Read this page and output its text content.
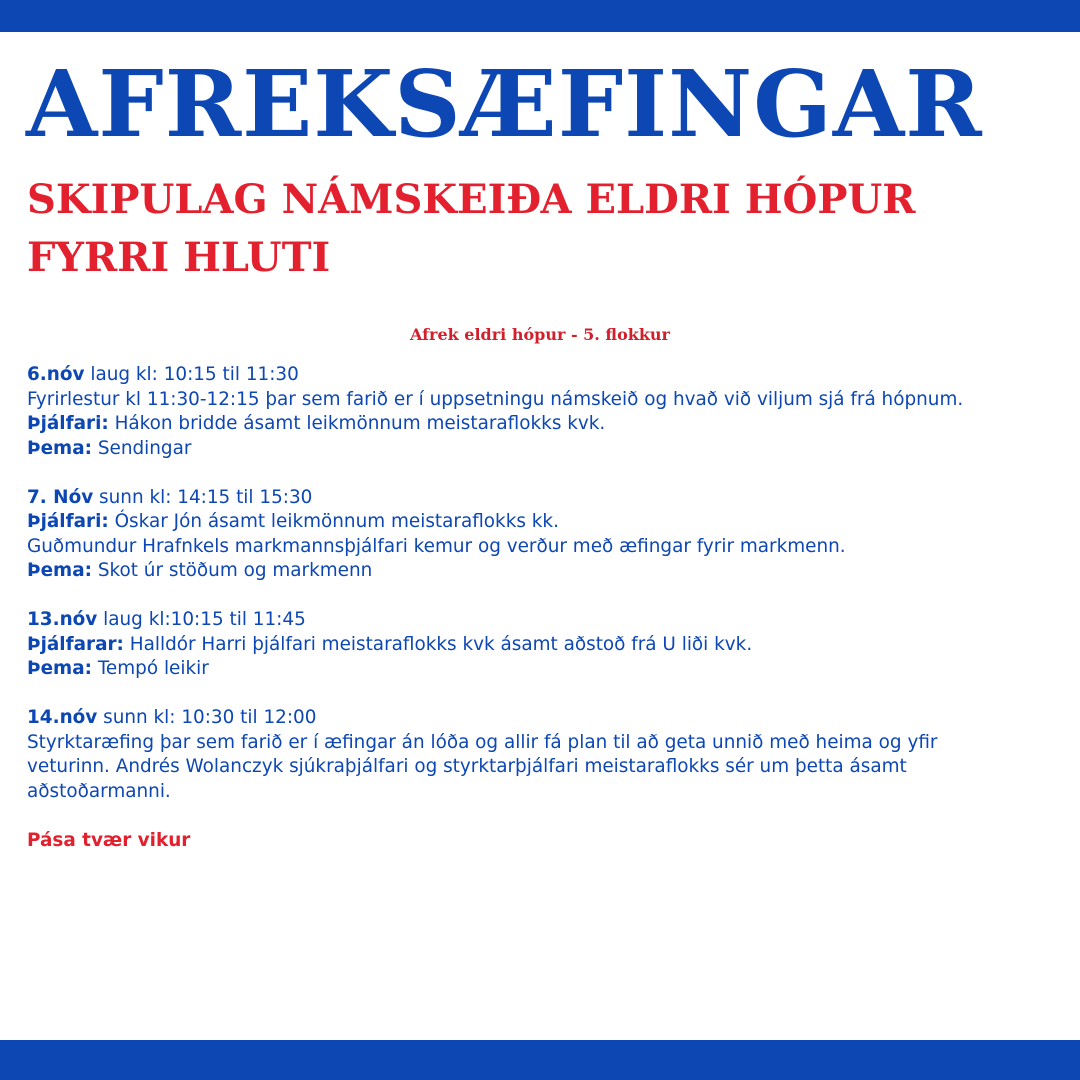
AFREKSÆFINGAR
SKIPULAG NÁMSKEIÐA ELDRI HÓPUR
FYRRI HLUTI
Afrek eldri hópur - 5. flokkur
6.nóv laug kl: 10:15 til 11:30
Fyrirlestur kl 11:30-12:15 þar sem farið er í uppsetningu námskeið og hvað við viljum sjá frá hópnum.
Þjálfari: Hákon bridde ásamt leikmönnum meistaraflokks kvk.
Þema: Sendingar
7. Nóv sunn kl: 14:15 til 15:30
Þjálfari: Óskar Jón ásamt leikmönnum meistaraflokks kk.
Guðmundur Hrafnkels markmannsþjálfari kemur og verður með æfingar fyrir markmenn.
Þema: Skot úr stöðum og markmenn
13.nóv laug kl:10:15 til 11:45
Þjálfarar: Halldór Harri þjálfari meistaraflokks kvk ásamt aðstoð frá U liði kvk.
Þema: Tempó leikir
14.nóv sunn kl: 10:30 til 12:00
Styrktaræfing þar sem farið er í æfingar án lóða og allir fá plan til að geta unnið með heima og yfir veturinn. Andrés Wolanczyk sjúkraþjálfari og styrktarþjálfari meistaraflokks sér um þetta ásamt aðstoðarmanni.
Pása tvær vikur
